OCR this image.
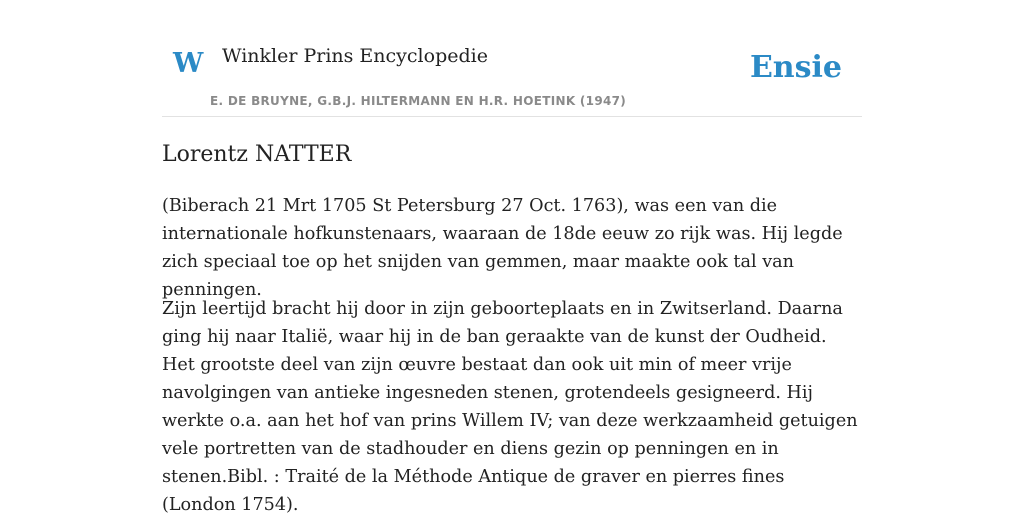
W Winkler Prins Encyclopedie
E. DE BRUYNE, G.B.J. HILTERMANN EN H.R. HOETINK (1947)
Ensie
Lorentz NATTER

(Biberach 21 Mrt 1705 St Petersburg 27 Oct. 1763), was een van die internationale hofkunstenaars, waaraan de 18de eeuw zo rijk was. Hij legde zich speciaal toe op het snijden van gemmen, maar maakte ook tal van penningen.

Zijn leertijd bracht hij door in zijn geboorteplaats en in Zwitserland. Daarna ging hij naar Italië, waar hij in de ban geraakte van de kunst der Oudheid. Het grootste deel van zijn œuvre bestaat dan ook uit min of meer vrije navolgingen van antieke ingesneden stenen, grotendeels gesigneerd. Hij werkte o.a. aan het hof van prins Willem IV; van deze werkzaamheid getuigen vele portretten van de stadhouder en diens gezin op penningen en in stenen.Bibl. : Traité de la Méthode Antique de graver en pierres fines (London 1754).
